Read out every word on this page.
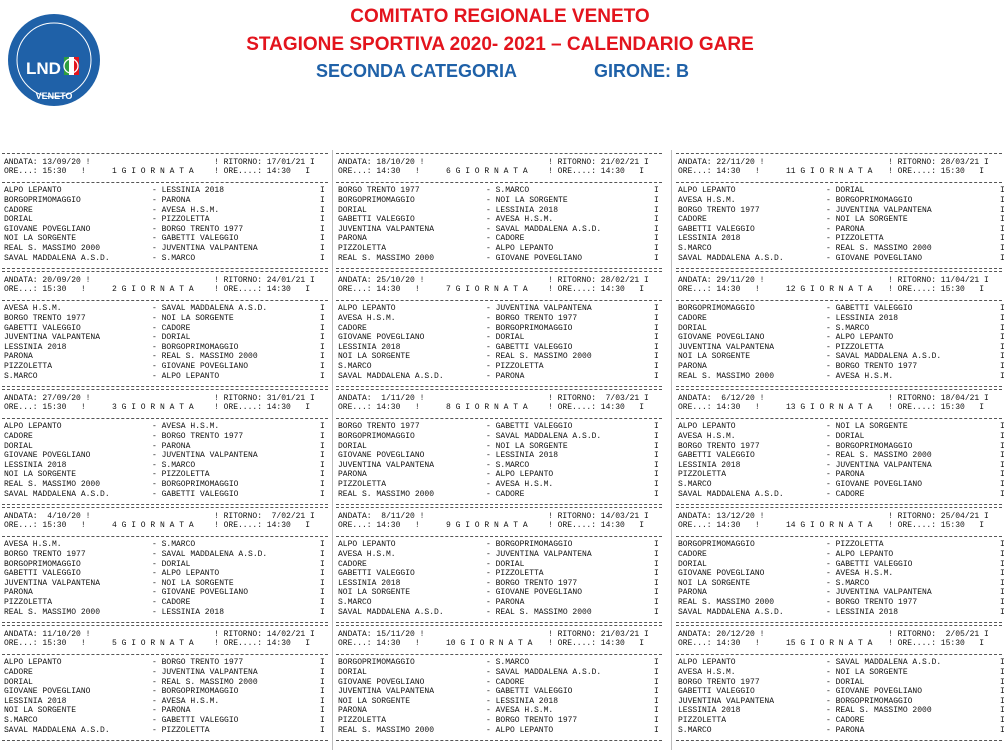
LND
VENETO
COMITATO REGIONALE VENETO
STAGIONE SPORTIVA 2020- 2021 – CALENDARIO GARE
SECONDA CATEGORIA	GIRONE: B
ANDATA: 13/09/20 !	! RITORNO: 17/01/21 I
ORE...: 15:30   !	1 G I O R N A T A	! ORE....: 14:30   I
ALPO LEPANTO	- LESSINIA 2018	I
BORGOPRIMOMAGGIO	- PARONA	I
CADORE	- AVESA H.S.M.	I
DORIAL	- PIZZOLETTA	I
GIOVANE POVEGLIANO	- BORGO TRENTO 1977	I
NOI LA SORGENTE	- GABETTI VALEGGIO	I
REAL S. MASSIMO 2000	- JUVENTINA VALPANTENA	I
SAVAL MADDALENA A.S.D.	- S.MARCO	I
ANDATA: 20/09/20 !	! RITORNO: 24/01/21 I
ORE...: 15:30   !	2 G I O R N A T A	! ORE....: 14:30   I
AVESA H.S.M.	- SAVAL MADDALENA A.S.D.	I
BORGO TRENTO 1977	- NOI LA SORGENTE	I
GABETTI VALEGGIO	- CADORE	I
JUVENTINA VALPANTENA	- DORIAL	I
LESSINIA 2018	- BORGOPRIMOMAGGIO	I
PARONA	- REAL S. MASSIMO 2000	I
PIZZOLETTA	- GIOVANE POVEGLIANO	I
S.MARCO	- ALPO LEPANTO	I
ANDATA: 27/09/20 !	! RITORNO: 31/01/21 I
ORE...: 15:30   !	3 G I O R N A T A	! ORE....: 14:30   I
ALPO LEPANTO	- AVESA H.S.M.	I
CADORE	- BORGO TRENTO 1977	I
DORIAL	- PARONA	I
GIOVANE POVEGLIANO	- JUVENTINA VALPANTENA	I
LESSINIA 2018	- S.MARCO	I
NOI LA SORGENTE	- PIZZOLETTA	I
REAL S. MASSIMO 2000	- BORGOPRIMOMAGGIO	I
SAVAL MADDALENA A.S.D.	- GABETTI VALEGGIO	I
ANDATA:  4/10/20 !	! RITORNO:  7/02/21 I
ORE...: 15:30   !	4 G I O R N A T A	! ORE....: 14:30   I
AVESA H.S.M.	- S.MARCO	I
BORGO TRENTO 1977	- SAVAL MADDALENA A.S.D.	I
BORGOPRIMOMAGGIO	- DORIAL	I
GABETTI VALEGGIO	- ALPO LEPANTO	I
JUVENTINA VALPANTENA	- NOI LA SORGENTE	I
PARONA	- GIOVANE POVEGLIANO	I
PIZZOLETTA	- CADORE	I
REAL S. MASSIMO 2000	- LESSINIA 2018	I
ANDATA: 11/10/20 !	! RITORNO: 14/02/21 I
ORE...: 15:30   !	5 G I O R N A T A	! ORE....: 14:30   I
ALPO LEPANTO	- BORGO TRENTO 1977	I
CADORE	- JUVENTINA VALPANTENA	I
DORIAL	- REAL S. MASSIMO 2000	I
GIOVANE POVEGLIANO	- BORGOPRIMOMAGGIO	I
LESSINIA 2018	- AVESA H.S.M.	I
NOI LA SORGENTE	- PARONA	I
S.MARCO	- GABETTI VALEGGIO	I
SAVAL MADDALENA A.S.D.	- PIZZOLETTA	I
ANDATA: 18/10/20 !	! RITORNO: 21/02/21 I
ORE...: 14:30   !	6 G I O R N A T A	! ORE....: 14:30   I
BORGO TRENTO 1977	- S.MARCO	I
BORGOPRIMOMAGGIO	- NOI LA SORGENTE	I
DORIAL	- LESSINIA 2018	I
GABETTI VALEGGIO	- AVESA H.S.M.	I
JUVENTINA VALPANTENA	- SAVAL MADDALENA A.S.D.	I
PARONA	- CADORE	I
PIZZOLETTA	- ALPO LEPANTO	I
REAL S. MASSIMO 2000	- GIOVANE POVEGLIANO	I
ANDATA: 25/10/20 !	! RITORNO: 28/02/21 I
ORE...: 14:30   !	7 G I O R N A T A	! ORE....: 14:30   I
ALPO LEPANTO	- JUVENTINA VALPANTENA	I
AVESA H.S.M.	- BORGO TRENTO 1977	I
CADORE	- BORGOPRIMOMAGGIO	I
GIOVANE POVEGLIANO	- DORIAL	I
LESSINIA 2018	- GABETTI VALEGGIO	I
NOI LA SORGENTE	- REAL S. MASSIMO 2000	I
S.MARCO	- PIZZOLETTA	I
SAVAL MADDALENA A.S.D.	- PARONA	I
ANDATA:  1/11/20 !	! RITORNO:  7/03/21 I
ORE...: 14:30   !	8 G I O R N A T A	! ORE....: 14:30   I
BORGO TRENTO 1977	- GABETTI VALEGGIO	I
BORGOPRIMOMAGGIO	- SAVAL MADDALENA A.S.D.	I
DORIAL	- NOI LA SORGENTE	I
GIOVANE POVEGLIANO	- LESSINIA 2018	I
JUVENTINA VALPANTENA	- S.MARCO	I
PARONA	- ALPO LEPANTO	I
PIZZOLETTA	- AVESA H.S.M.	I
REAL S. MASSIMO 2000	- CADORE	I
ANDATA:  8/11/20 !	! RITORNO: 14/03/21 I
ORE...: 14:30   !	9 G I O R N A T A	! ORE....: 14:30   I
ALPO LEPANTO	- BORGOPRIMOMAGGIO	I
AVESA H.S.M.	- JUVENTINA VALPANTENA	I
CADORE	- DORIAL	I
GABETTI VALEGGIO	- PIZZOLETTA	I
LESSINIA 2018	- BORGO TRENTO 1977	I
NOI LA SORGENTE	- GIOVANE POVEGLIANO	I
S.MARCO	- PARONA	I
SAVAL MADDALENA A.S.D.	- REAL S. MASSIMO 2000	I
ANDATA: 15/11/20 !	! RITORNO: 21/03/21 I
ORE...: 14:30   !	10 G I O R N A T A ! ORE....: 14:30   I
BORGOPRIMOMAGGIO	- S.MARCO	I
DORIAL	- SAVAL MADDALENA A.S.D.	I
GIOVANE POVEGLIANO	- CADORE	I
JUVENTINA VALPANTENA	- GABETTI VALEGGIO	I
NOI LA SORGENTE	- LESSINIA 2018	I
PARONA	- AVESA H.S.M.	I
PIZZOLETTA	- BORGO TRENTO 1977	I
REAL S. MASSIMO 2000	- ALPO LEPANTO	I
ANDATA: 22/11/20 !	! RITORNO: 28/03/21 I
ORE...: 14:30   !	11 G I O R N A T A ! ORE....: 15:30   I
ALPO LEPANTO	- DORIAL	I
AVESA H.S.M.	- BORGOPRIMOMAGGIO	I
BORGO TRENTO 1977	- JUVENTINA VALPANTENA	I
CADORE	- NOI LA SORGENTE	I
GABETTI VALEGGIO	- PARONA	I
LESSINIA 2018	- PIZZOLETTA	I
S.MARCO	- REAL S. MASSIMO 2000	I
SAVAL MADDALENA A.S.D.	- GIOVANE POVEGLIANO	I
ANDATA: 29/11/20 !	! RITORNO: 11/04/21 I
ORE...: 14:30   !	12 G I O R N A T A ! ORE....: 15:30   I
BORGOPRIMOMAGGIO	- GABETTI VALEGGIO	I
CADORE	- LESSINIA 2018	I
DORIAL	- S.MARCO	I
GIOVANE POVEGLIANO	- ALPO LEPANTO	I
JUVENTINA VALPANTENA	- PIZZOLETTA	I
NOI LA SORGENTE	- SAVAL MADDALENA A.S.D.	I
PARONA	- BORGO TRENTO 1977	I
REAL S. MASSIMO 2000	- AVESA H.S.M.	I
ANDATA:  6/12/20 !	! RITORNO: 18/04/21 I
ORE...: 14:30   !	13 G I O R N A T A ! ORE....: 15:30   I
ALPO LEPANTO	- NOI LA SORGENTE	I
AVESA H.S.M.	- DORIAL	I
BORGO TRENTO 1977	- BORGOPRIMOMAGGIO	I
GABETTI VALEGGIO	- REAL S. MASSIMO 2000	I
LESSINIA 2018	- JUVENTINA VALPANTENA	I
PIZZOLETTA	- PARONA	I
S.MARCO	- GIOVANE POVEGLIANO	I
SAVAL MADDALENA A.S.D.	- CADORE	I
ANDATA: 13/12/20 !	! RITORNO: 25/04/21 I
ORE...: 14:30   !	14 G I O R N A T A ! ORE....: 15:30   I
BORGOPRIMOMAGGIO	- PIZZOLETTA	I
CADORE	- ALPO LEPANTO	I
DORIAL	- GABETTI VALEGGIO	I
GIOVANE POVEGLIANO	- AVESA H.S.M.	I
NOI LA SORGENTE	- S.MARCO	I
PARONA	- JUVENTINA VALPANTENA	I
REAL S. MASSIMO 2000	- BORGO TRENTO 1977	I
SAVAL MADDALENA A.S.D.	- LESSINIA 2018	I
ANDATA: 20/12/20 !	! RITORNO:  2/05/21 I
ORE...: 14:30   !	15 G I O R N A T A ! ORE....: 15:30   I
ALPO LEPANTO	- SAVAL MADDALENA A.S.D.	I
AVESA H.S.M.	- NOI LA SORGENTE	I
BORGO TRENTO 1977	- DORIAL	I
GABETTI VALEGGIO	- GIOVANE POVEGLIANO	I
JUVENTINA VALPANTENA	- BORGOPRIMOMAGGIO	I
LESSINIA 2018	- REAL S. MASSIMO 2000	I
PIZZOLETTA	- CADORE	I
S.MARCO	- PARONA	I
